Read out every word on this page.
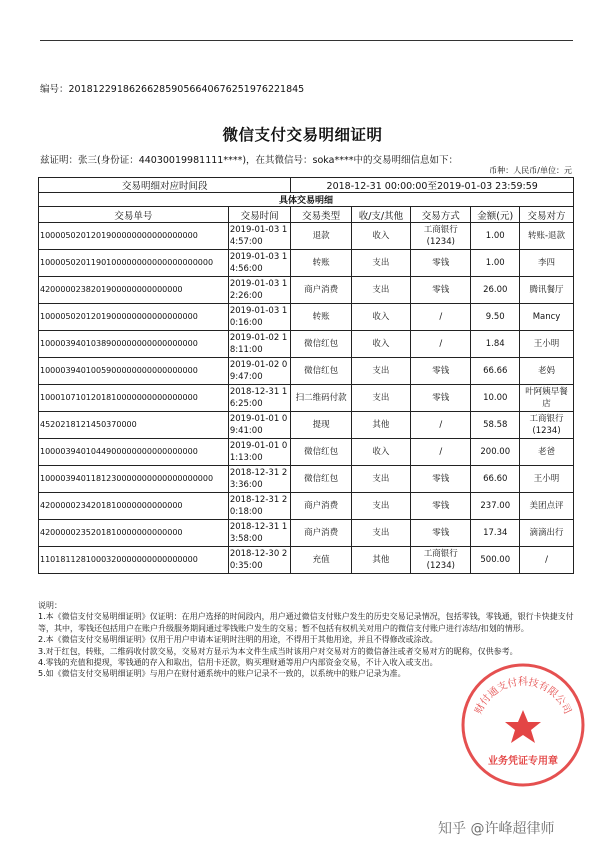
编号：2018122918626628590566406762519762218‌45
微信支付交易明细证明
兹证明：张三(身份证：44030019981111****)，在其微信号：soka****中的交易明细信息如下：
币种：人民币/单位：元
交易明细对应时间段		2018-12-31 00:00:00至2019-01-03 23:59:59				
具体交易明细						
交易单号	交易时间	交易类型	收/支/其他	交易方式	金额(元)	交易对方
1000050201201900000000000000000	2019-01-03 14:57:00	退款	收入	工商银行(1234)	1.00	转账-退款
1000050201190100000000000000000000	2019-01-03 14:56:00	转账	支出	零钱	1.00	李四
4200000238201900000000000000	2019-01-03 12:26:00	商户消费	支出	零钱	26.00	腾讯餐厅
1000050201201900000000000000000	2019-01-03 10:16:00	转账	收入	/	9.50	Mancy
1000039401038900000000000000000	2019-01-02 18:11:00	微信红包	收入	/	1.84	王小明
1000039401005900000000000000000	2019-01-02 09:47:00	微信红包	支出	零钱	66.66	老妈
1000107101201810000000000000000	2018-12-31 16:25:00	扫二维码付款	支出	零钱	10.00	叶阿姨早餐店
4520218121450370000	2019-01-01 09:41:00	提现	其他	/	58.58	工商银行(1234)
1000039401044900000000000000000	2019-01-01 01:13:00	微信红包	收入	/	200.00	老爸
1000039401181230000000000000000000	2018-12-31 23:36:00	微信红包	支出	零钱	66.60	王小明
4200000234201810000000000000	2018-12-31 20:18:00	商户消费	支出	零钱	237.00	美团点评
4200000235201810000000000000	2018-12-31 13:58:00	商户消费	支出	零钱	17.34	滴滴出行
1101811281000320000000000000000	2018-12-30 20:35:00	充值	其他	工商银行(1234)	500.00	/

说明：

1.本《微信支付交易明细证明》仅证明：在用户选择的时间段内，用户通过微信支付账户发生的历史交易记录情况，包括零钱，零钱通，银行卡快捷支付等，其中，零钱还包括用户在账户升级服务期间通过零钱账户发生的交易；暂不包括有权机关对用户的微信支付账户进行冻结/扣划的情形。

2.本《微信支付交易明细证明》仅用于用户申请本证明时注明的用途，不得用于其他用途，并且不得修改或涂改。

3.对于红包，转账，二维码收付款交易，交易对方显示为本文件生成当时该用户对交易对方的微信备注或者交易对方的昵称，仅供参考。

4.零钱的充值和提现，零钱通的存入和取出，信用卡还款，购买理财通等用户内部资金交易，不计入收入或支出。

5.如《微信支付交易明细证明》与用户在财付通系统中的账户记录不一致的，以系统中的账户记录为准。

财付通支付科技有限公司
业务凭证专用章
知乎 @许峰超律师
